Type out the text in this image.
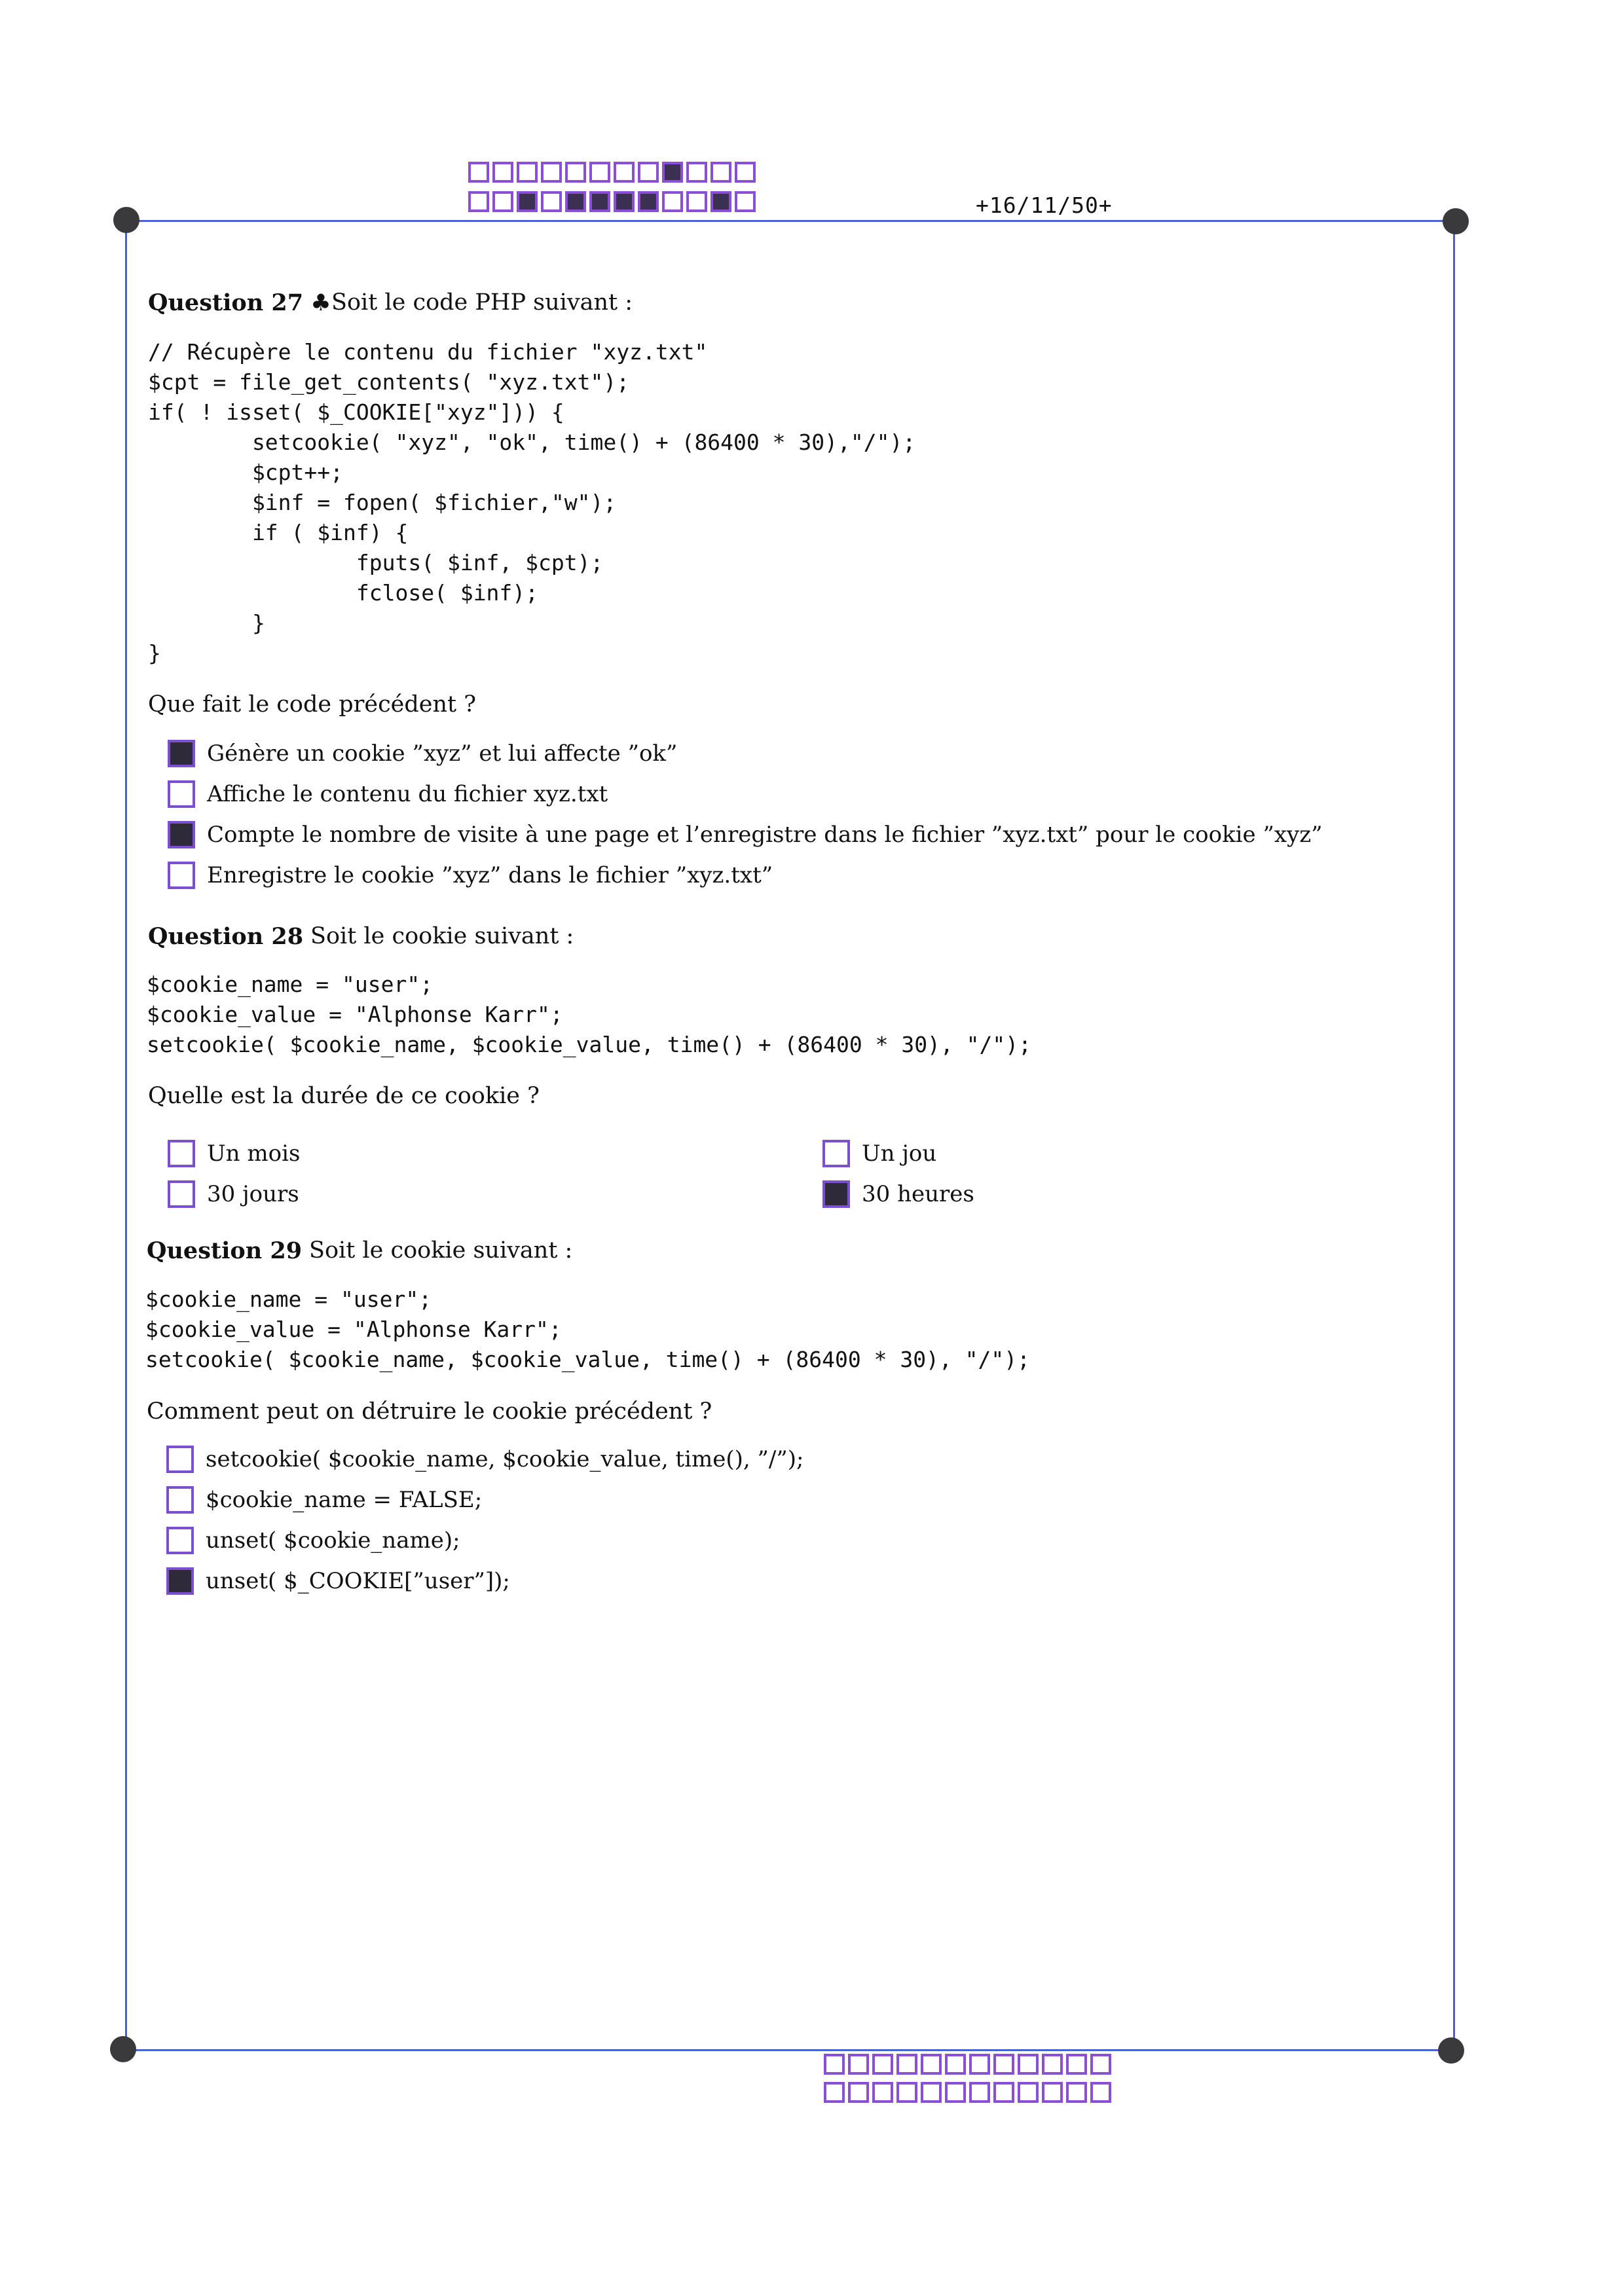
+16/11/50+
Question 27 ♣ Soit le code PHP suivant :
// Récupère le contenu du fichier "xyz.txt"
$cpt = file_get_contents( "xyz.txt");
if( ! isset( $_COOKIE["xyz"])) {
setcookie( "xyz", "ok", time() + (86400 * 30),"/");
$cpt++;
$inf = fopen( $fichier,"w");
if ( $inf) {
fputs( $inf, $cpt);
fclose( $inf);
}
}
Que fait le code précédent ?
Génère un cookie ”xyz” et lui affecte ”ok”
Affiche le contenu du fichier xyz.txt
Compte le nombre de visite à une page et l’enregistre dans le fichier ”xyz.txt” pour le cookie ”xyz”
Enregistre le cookie ”xyz” dans le fichier ”xyz.txt”
Question 28 Soit le cookie suivant :
$cookie_name = "user";
$cookie_value = "Alphonse Karr";
setcookie( $cookie_name, $cookie_value, time() + (86400 * 30), "/");
Quelle est la durée de ce cookie ?
Un mois	Un jou
30 jours	30 heures
Question 29 Soit le cookie suivant :
$cookie_name = "user";
$cookie_value = "Alphonse Karr";
setcookie( $cookie_name, $cookie_value, time() + (86400 * 30), "/");
Comment peut on détruire le cookie précédent ?
setcookie( $cookie_name, $cookie_value, time(), ”/”);
$cookie_name = FALSE;
unset( $cookie_name);
unset( $_COOKIE[”user”]);
